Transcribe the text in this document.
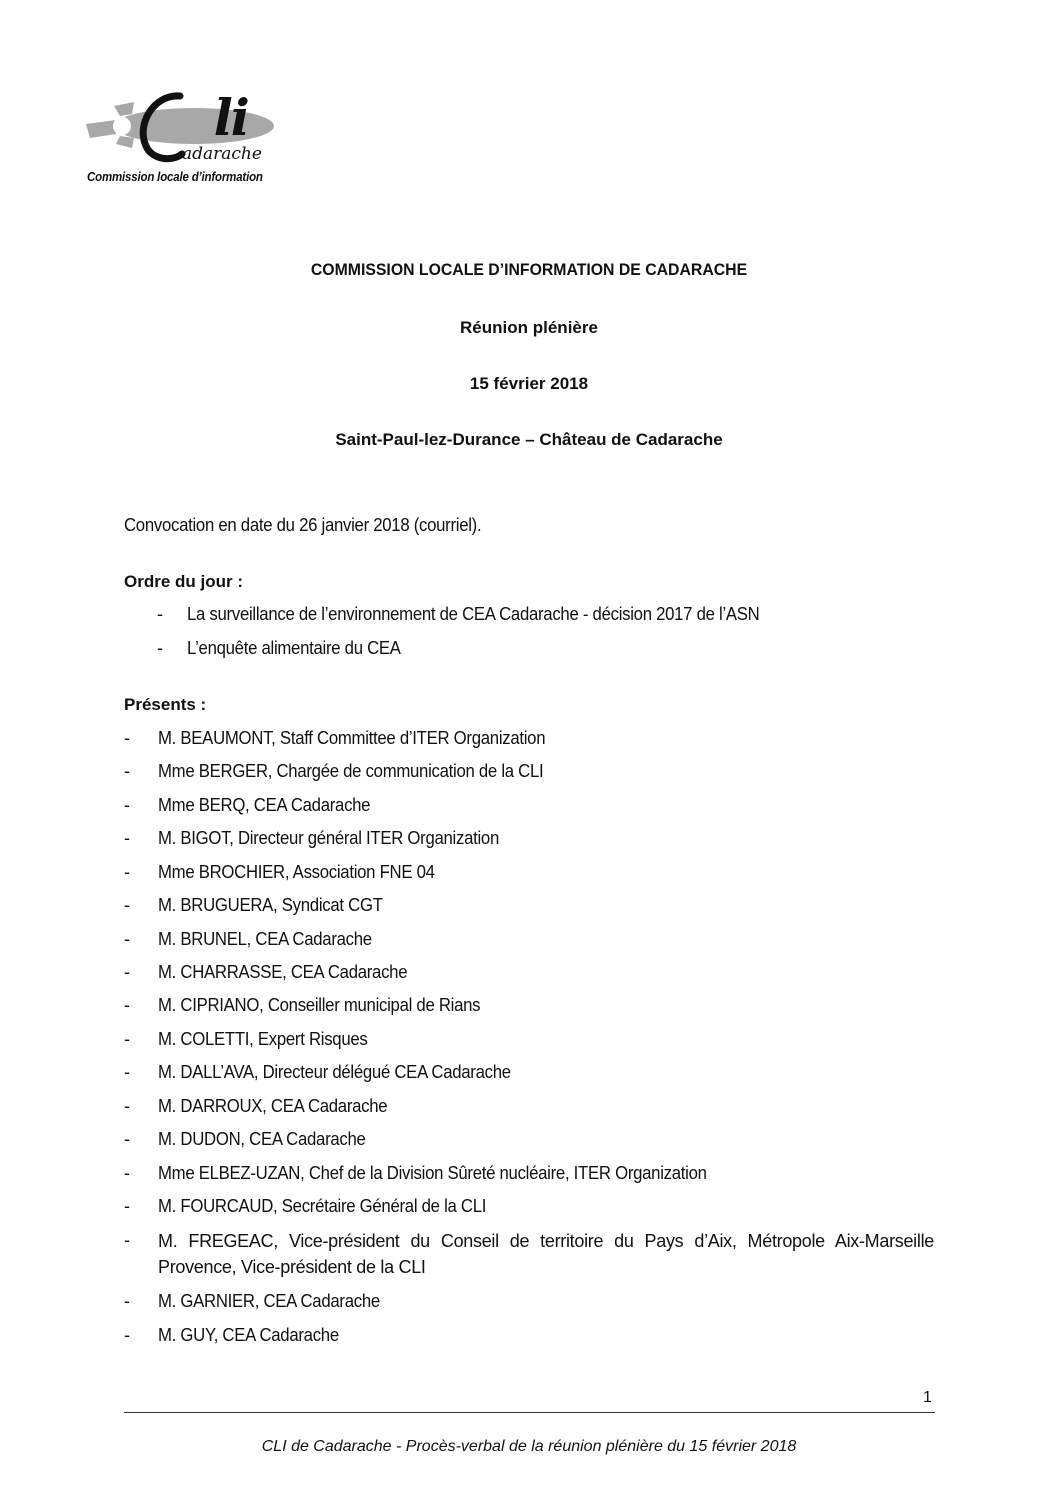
li
adarache
Commission locale d’information
COMMISSION LOCALE D’INFORMATION DE CADARACHE
Réunion plénière
15 février 2018
Saint-Paul-lez-Durance – Château de Cadarache
Convocation en date du 26 janvier 2018 (courriel).
Ordre du jour :
- La surveillance de l’environnement de CEA Cadarache - décision 2017 de l’ASN
- L’enquête alimentaire du CEA
Présents :
- M. BEAUMONT, Staff Committee d’ITER Organization
- Mme BERGER, Chargée de communication de la CLI
- Mme BERQ, CEA Cadarache
- M. BIGOT, Directeur général ITER Organization
- Mme BROCHIER, Association FNE 04
- M. BRUGUERA, Syndicat CGT
- M. BRUNEL, CEA Cadarache
- M. CHARRASSE, CEA Cadarache
- M. CIPRIANO, Conseiller municipal de Rians
- M. COLETTI, Expert Risques
- M. DALL’AVA, Directeur délégué CEA Cadarache
- M. DARROUX, CEA Cadarache
- M. DUDON, CEA Cadarache
- Mme ELBEZ-UZAN, Chef de la Division Sûreté nucléaire, ITER Organization
- M. FOURCAUD, Secrétaire Général de la CLI
- M. FREGEAC, Vice-président du Conseil de territoire du Pays d’Aix, Métropole Aix-Marseille Provence, Vice-président de la CLI
- M. GARNIER, CEA Cadarache
- M. GUY, CEA Cadarache
1
CLI de Cadarache - Procès-verbal de la réunion plénière du 15 février 2018
